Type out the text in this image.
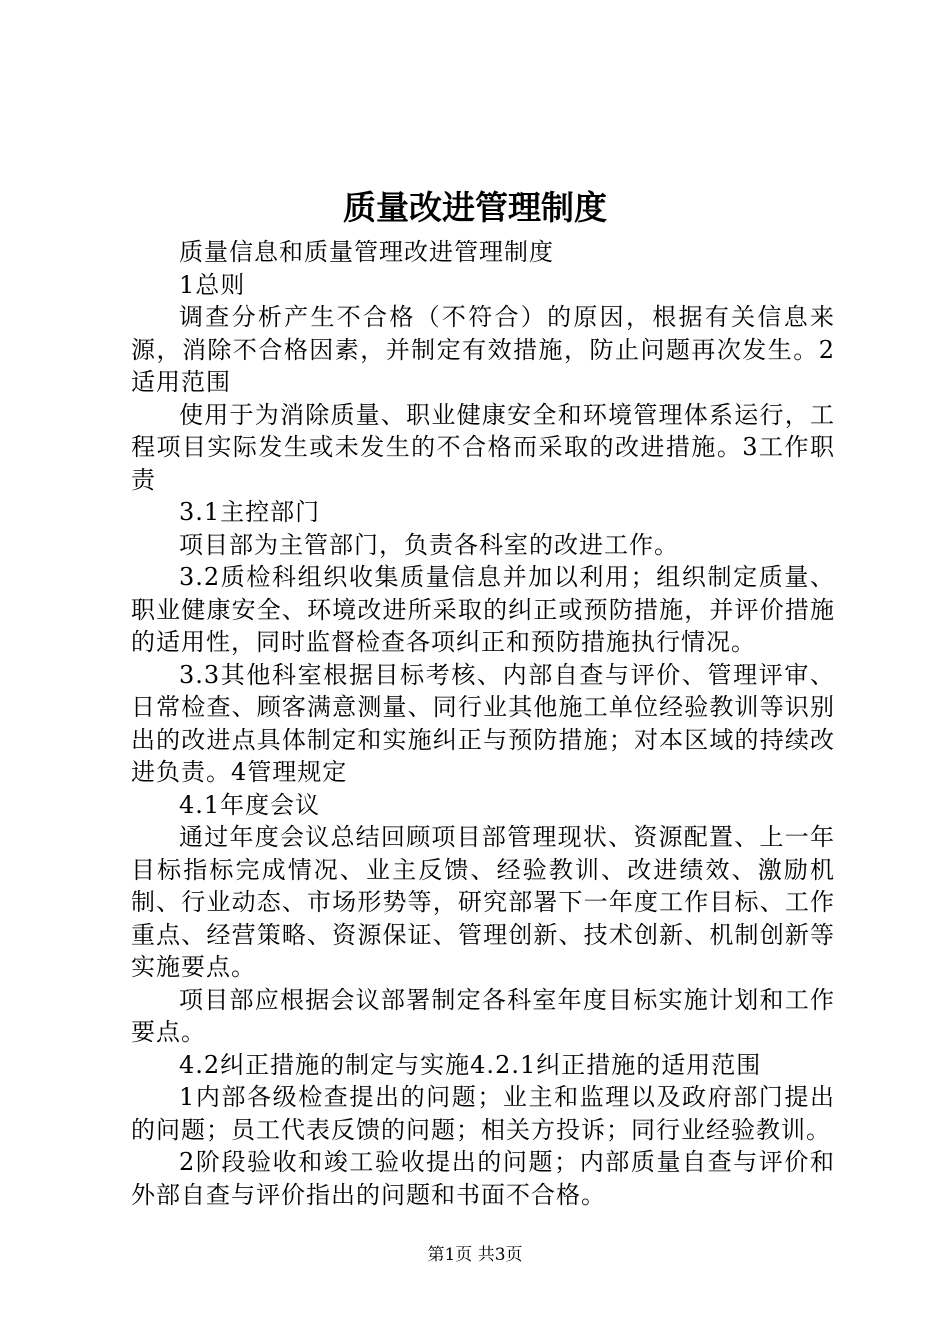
质量改进管理制度

质量信息和质量管理改进管理制度

1总则

调查分析产生不合格（不符合）的原因，根据有关信息来源，消除不合格因素，并制定有效措施，防止问题再次发生。2适用范围

使用于为消除质量、职业健康安全和环境管理体系运行，工程项目实际发生或未发生的不合格而采取的改进措施。3工作职责

3.1主控部门

项目部为主管部门，负责各科室的改进工作。

3.2质检科组织收集质量信息并加以利用；组织制定质量、职业健康安全、环境改进所采取的纠正或预防措施，并评价措施的适用性，同时监督检查各项纠正和预防措施执行情况。

3.3其他科室根据目标考核、内部自查与评价、管理评审、日常检查、顾客满意测量、同行业其他施工单位经验教训等识别出的改进点具体制定和实施纠正与预防措施；对本区域的持续改进负责。4管理规定

4.1年度会议

通过年度会议总结回顾项目部管理现状、资源配置、上一年目标指标完成情况、业主反馈、经验教训、改进绩效、激励机制、行业动态、市场形势等，研究部署下一年度工作目标、工作重点、经营策略、资源保证、管理创新、技术创新、机制创新等实施要点。

项目部应根据会议部署制定各科室年度目标实施计划和工作要点。

4.2纠正措施的制定与实施4.2.1纠正措施的适用范围

1内部各级检查提出的问题；业主和监理以及政府部门提出的问题；员工代表反馈的问题；相关方投诉；同行业经验教训。

2阶段验收和竣工验收提出的问题；内部质量自查与评价和外部自查与评价指出的问题和书面不合格。

第1页 共3页
